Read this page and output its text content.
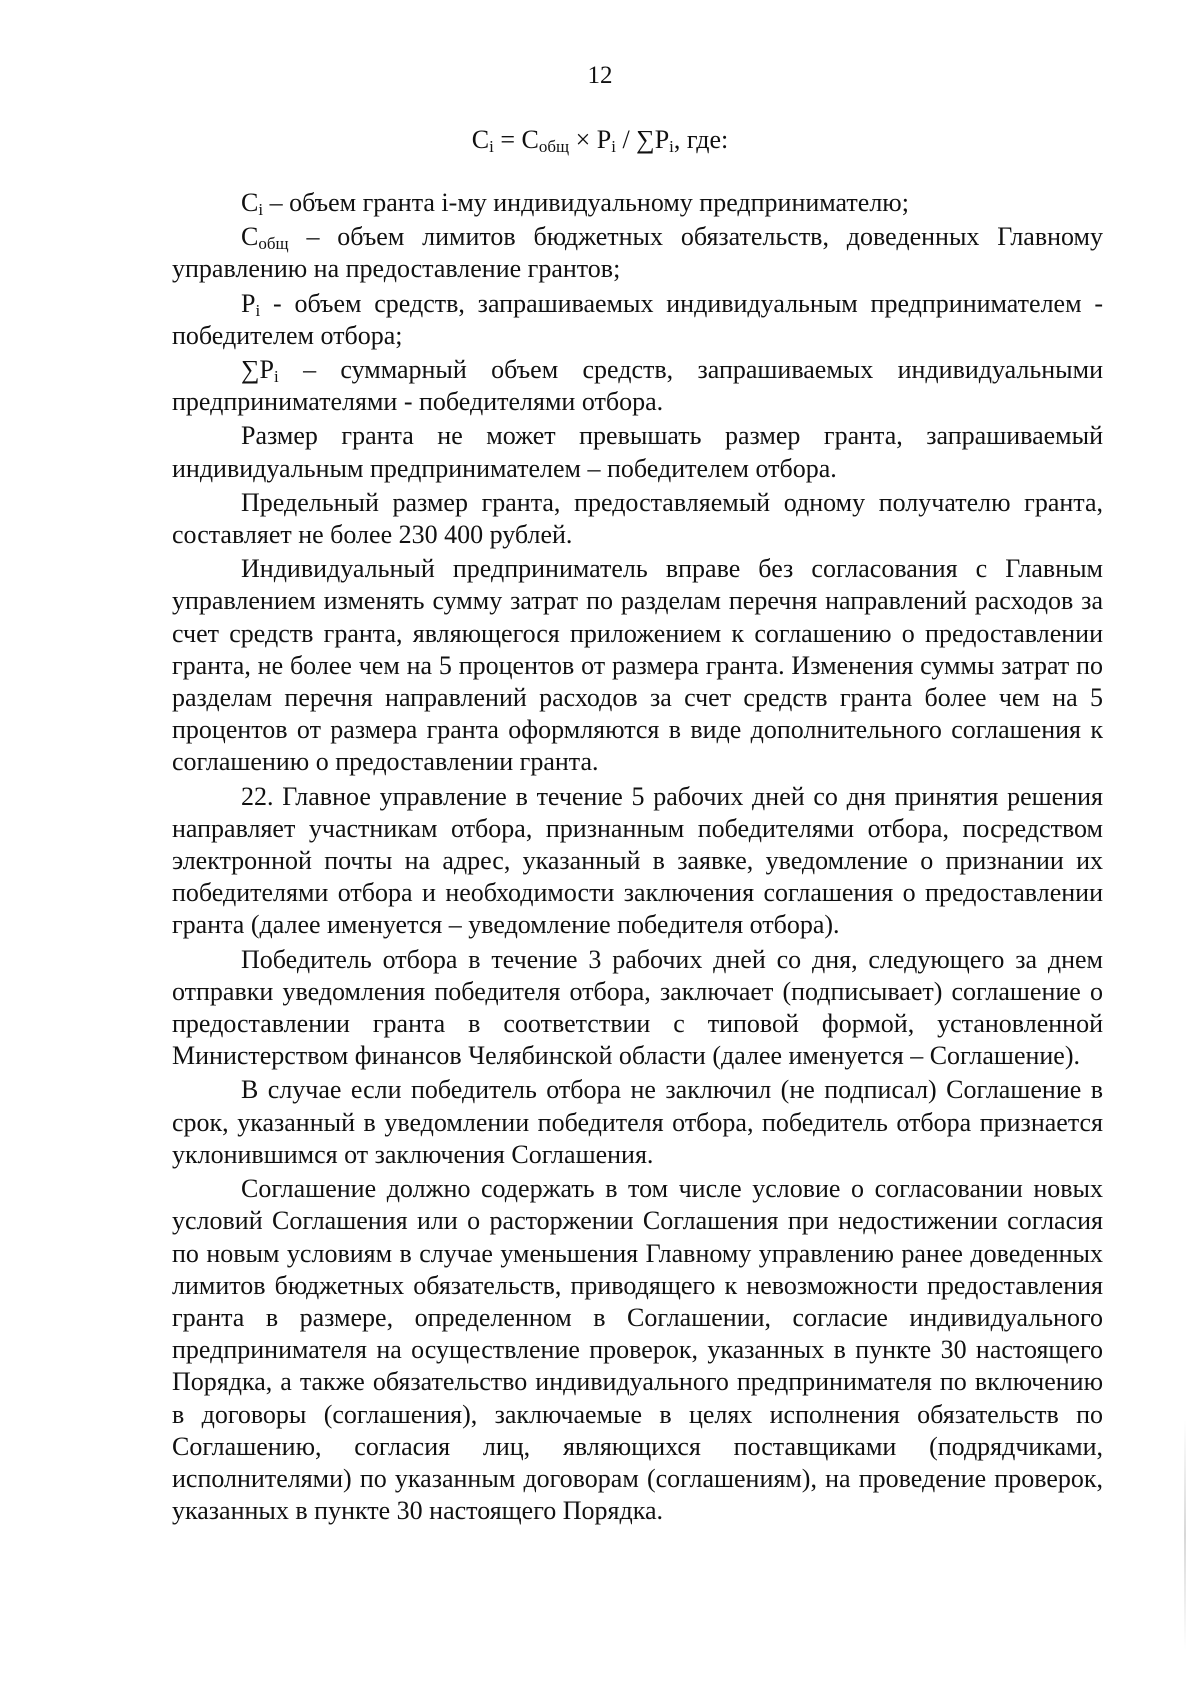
12
$C_i = C_{общ} \times P_i / \sum P_i$, где:

$C_i$ – объем гранта i-му индивидуальному предпринимателю;

$C_{общ}$ – объем лимитов бюджетных обязательств, доведенных Главному управлению на предоставление грантов;

$P_i$ - объем средств, запрашиваемых индивидуальным предпринимателем - победителем отбора;

$\sum P_i$ – суммарный объем средств, запрашиваемых индивидуальными предпринимателями - победителями отбора.

Размер гранта не может превышать размер гранта, запрашиваемый индивидуальным предпринимателем – победителем отбора.

Предельный размер гранта, предоставляемый одному получателю гранта, составляет не более 230 400 рублей.

Индивидуальный предприниматель вправе без согласования с Главным управлением изменять сумму затрат по разделам перечня направлений расходов за счет средств гранта, являющегося приложением к соглашению о предоставлении гранта, не более чем на 5 процентов от размера гранта. Изменения суммы затрат по разделам перечня направлений расходов за счет средств гранта более чем на 5 процентов от размера гранта оформляются в виде дополнительного соглашения к соглашению о предоставлении гранта.

22. Главное управление в течение 5 рабочих дней со дня принятия решения направляет участникам отбора, признанным победителями отбора, посредством электронной почты на адрес, указанный в заявке, уведомление о признании их победителями отбора и необходимости заключения соглашения о предоставлении гранта (далее именуется – уведомление победителя отбора).

Победитель отбора в течение 3 рабочих дней со дня, следующего за днем отправки уведомления победителя отбора, заключает (подписывает) соглашение о предоставлении гранта в соответствии с типовой формой, установленной Министерством финансов Челябинской области (далее именуется – Соглашение).

В случае если победитель отбора не заключил (не подписал) Соглашение в срок, указанный в уведомлении победителя отбора, победитель отбора признается уклонившимся от заключения Соглашения.

Соглашение должно содержать в том числе условие о согласовании новых условий Соглашения или о расторжении Соглашения при недостижении согласия по новым условиям в случае уменьшения Главному управлению ранее доведенных лимитов бюджетных обязательств, приводящего к невозможности предоставления гранта в размере, определенном в Соглашении, согласие индивидуального предпринимателя на осуществление проверок, указанных в пункте 30 настоящего Порядка, а также обязательство индивидуального предпринимателя по включению в договоры (соглашения), заключаемые в целях исполнения обязательств по Соглашению, согласия лиц, являющихся поставщиками (подрядчиками, исполнителями) по указанным договорам (соглашениям), на проведение проверок, указанных в пункте 30 настоящего Порядка.
